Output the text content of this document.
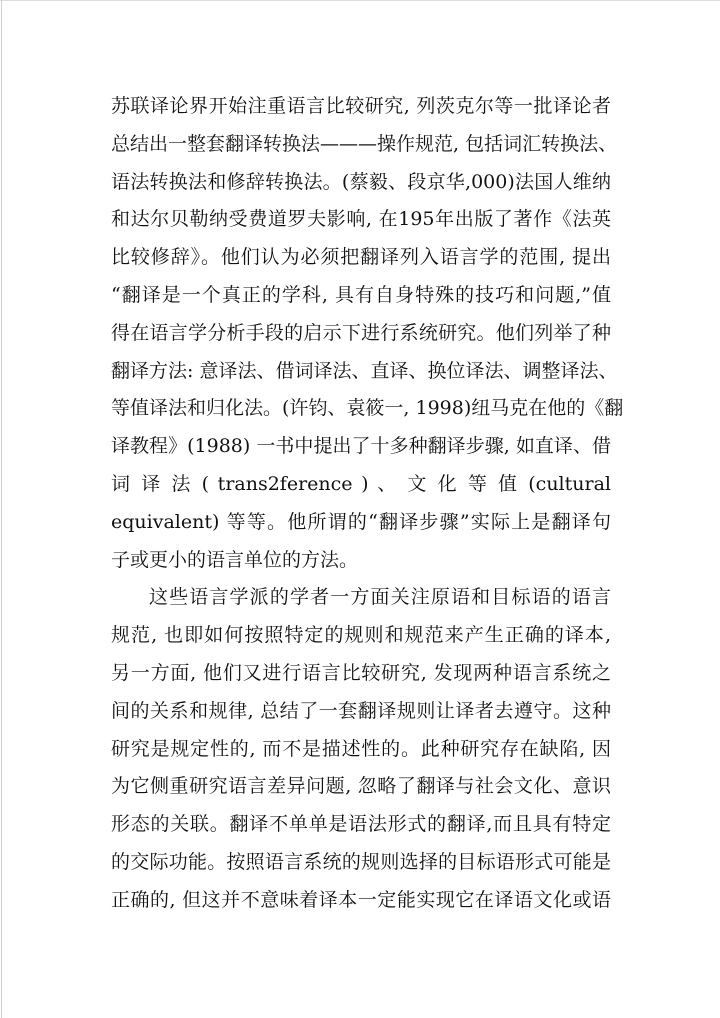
苏联译论界开始注重语言比较研究, 列茨克尔等一批译论者
总结出一整套翻译转换法———操作规范, 包括词汇转换法、
语法转换法和修辞转换法。(蔡毅、段京华,000)法国人维纳
和达尔贝勒纳受费道罗夫影响, 在195年出版了著作《法英
比较修辞》。他们认为必须把翻译列入语言学的范围, 提出
“翻译是一个真正的学科, 具有自身特殊的技巧和问题,”值
得在语言学分析手段的启示下进行系统研究。他们列举了种
翻译方法: 意译法、借词译法、直译、换位译法、调整译法、
等值译法和归化法。(许钧、袁筱一, 1998)纽马克在他的《翻
译教程》(1988) 一书中提出了十多种翻译步骤, 如直译、借
词 译 法 ( trans2ference ) 、 文 化 等 值 (cultural
equivalent) 等等。他所谓的“翻译步骤”实际上是翻译句
子或更小的语言单位的方法。
这些语言学派的学者一方面关注原语和目标语的语言
规范, 也即如何按照特定的规则和规范来产生正确的译本,
另一方面, 他们又进行语言比较研究, 发现两种语言系统之
间的关系和规律, 总结了一套翻译规则让译者去遵守。这种
研究是规定性的, 而不是描述性的。此种研究存在缺陷, 因
为它侧重研究语言差异问题, 忽略了翻译与社会文化、意识
形态的关联。翻译不单单是语法形式的翻译,而且具有特定
的交际功能。按照语言系统的规则选择的目标语形式可能是
正确的, 但这并不意味着译本一定能实现它在译语文化或语
